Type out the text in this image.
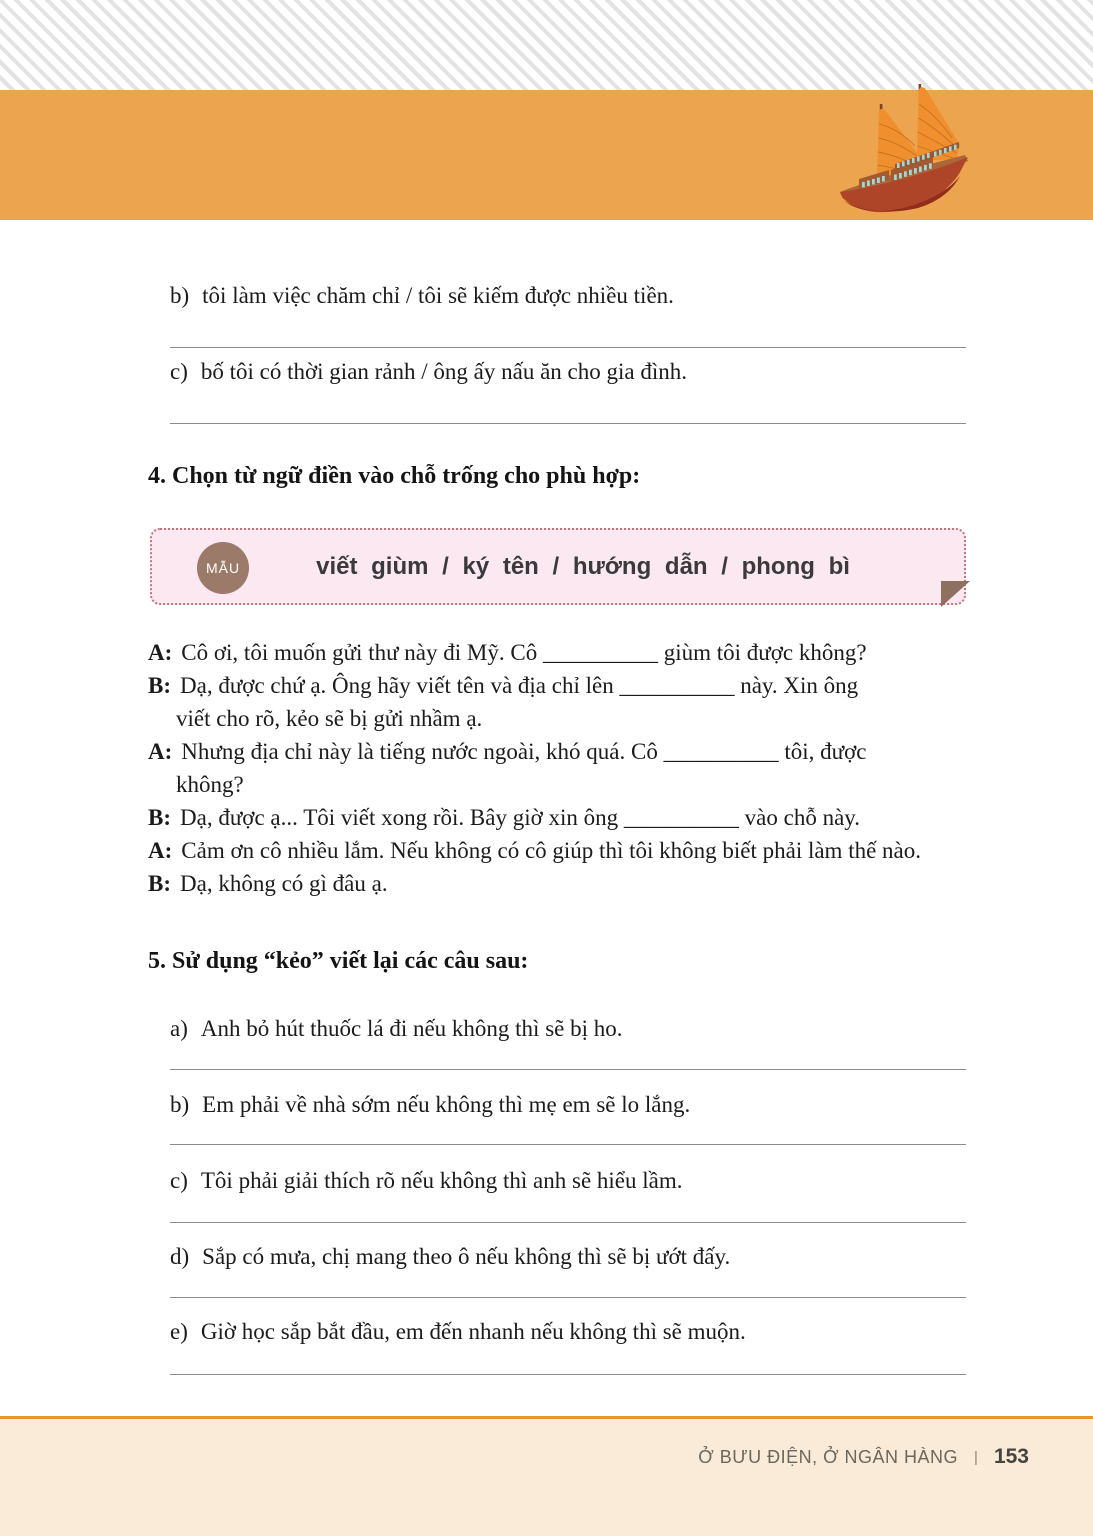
b) tôi làm việc chăm chỉ / tôi sẽ kiếm được nhiều tiền.
c) bố tôi có thời gian rảnh / ông ấy nấu ăn cho gia đình.
4. Chọn từ ngữ điền vào chỗ trống cho phù hợp:
MẪU	viết giùm / ký tên / hướng dẫn / phong bì
A: Cô ơi, tôi muốn gửi thư này đi Mỹ. Cô __________ giùm tôi được không?
B: Dạ, được chứ ạ. Ông hãy viết tên và địa chỉ lên __________ này. Xin ông
viết cho rõ, kẻo sẽ bị gửi nhầm ạ.
A: Nhưng địa chỉ này là tiếng nước ngoài, khó quá. Cô __________ tôi, được
không?
B: Dạ, được ạ... Tôi viết xong rồi. Bây giờ xin ông __________ vào chỗ này.
A: Cảm ơn cô nhiều lắm. Nếu không có cô giúp thì tôi không biết phải làm thế nào.
B: Dạ, không có gì đâu ạ.
5. Sử dụng “kẻo” viết lại các câu sau:
a) Anh bỏ hút thuốc lá đi nếu không thì sẽ bị ho.
b) Em phải về nhà sớm nếu không thì mẹ em sẽ lo lắng.
c) Tôi phải giải thích rõ nếu không thì anh sẽ hiểu lầm.
d) Sắp có mưa, chị mang theo ô nếu không thì sẽ bị ướt đấy.
e) Giờ học sắp bắt đầu, em đến nhanh nếu không thì sẽ muộn.
Ở BƯU ĐIỆN, Ở NGÂN HÀNG | 153
